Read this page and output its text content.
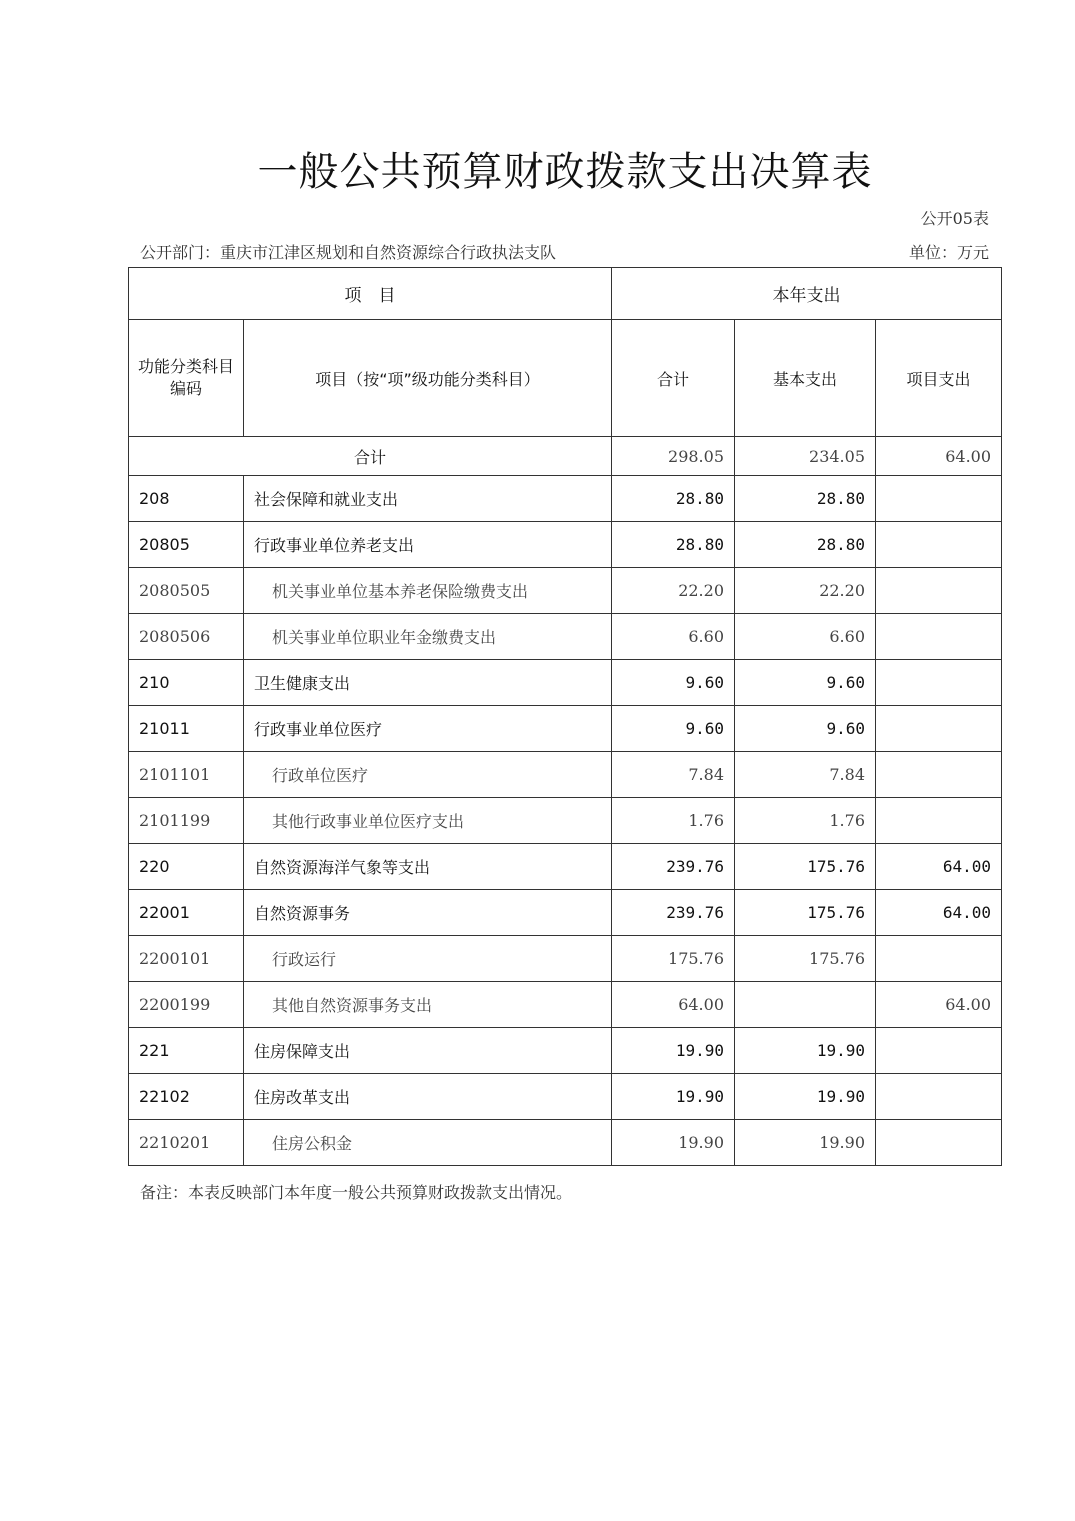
一般公共预算财政拨款支出决算表
公开05表
公开部门：重庆市江津区规划和自然资源综合行政执法支队	单位：万元
项　目		本年支出		
功能分类科目编码	项目（按“项”级功能分类科目）	合计	基本支出	项目支出
合计		298.05	234.05	64.00
208	社会保障和就业支出	28.80	28.80	
20805	行政事业单位养老支出	28.80	28.80	
2080505	机关事业单位基本养老保险缴费支出	22.20	22.20	
2080506	机关事业单位职业年金缴费支出	6.60	6.60	
210	卫生健康支出	9.60	9.60	
21011	行政事业单位医疗	9.60	9.60	
2101101	行政单位医疗	7.84	7.84	
2101199	其他行政事业单位医疗支出	1.76	1.76	
220	自然资源海洋气象等支出	239.76	175.76	64.00
22001	自然资源事务	239.76	175.76	64.00
2200101	行政运行	175.76	175.76	
2200199	其他自然资源事务支出	64.00		64.00
221	住房保障支出	19.90	19.90	
22102	住房改革支出	19.90	19.90	
2210201	住房公积金	19.90	19.90	
备注：本表反映部门本年度一般公共预算财政拨款支出情况。
